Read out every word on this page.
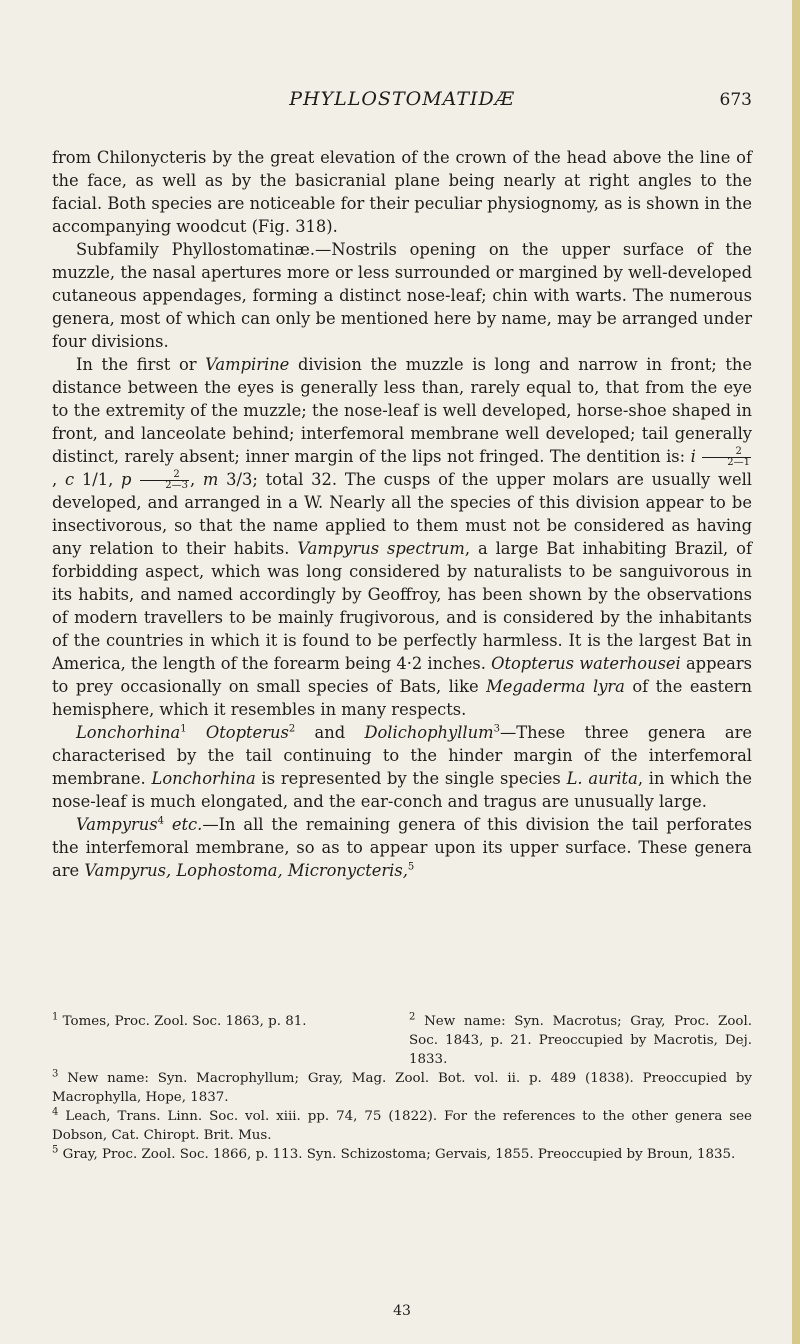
PHYLLOSTOMATIDÆ	673

from Chilonycteris by the great elevation of the crown of the head above the line of the face, as well as by the basicranial plane being nearly at right angles to the facial. Both species are noticeable for their peculiar physiognomy, as is shown in the accompanying woodcut (Fig. 318).

Subfamily Phyllostomatinæ.—Nostrils opening on the upper surface of the muzzle, the nasal apertures more or less surrounded or margined by well-developed cutaneous appendages, forming a distinct nose-leaf; chin with warts. The numerous genera, most of which can only be mentioned here by name, may be arranged under four divisions.

In the first or Vampirine division the muzzle is long and narrow in front; the distance between the eyes is generally less than, rarely equal to, that from the eye to the extremity of the muzzle; the nose-leaf is well developed, horse-shoe shaped in front, and lanceolate behind; interfemoral membrane well developed; tail generally distinct, rarely absent; inner margin of the lips not fringed. The dentition is: i $\frac{2}{2—1}$
, c 1/1, p $\frac{2}{2—3}$ , m 3/3; total 32. The cusps of the upper molars are usually well developed, and arranged in a W. Nearly all the species of this division appear to be insectivorous, so that the name applied to them must not be considered as having any relation to their habits. Vampyrus spectrum, a large Bat inhabiting Brazil, of forbidding aspect, which was long considered by naturalists to be sanguivorous in its habits, and named accordingly by Geoffroy, has been shown by the observations of modern travellers to be mainly frugivorous, and is considered by the inhabitants of the countries in which it is found to be perfectly harmless. It is the largest Bat in America, the length of the forearm being 4·2 inches. Otopterus waterhousei appears to prey occasionally on small species of Bats, like Megaderma lyra of the eastern hemisphere, which it resembles in many respects.

Lonchorhina$^1$ Otopterus$^2$ and Dolichophyllum$^3$—These three genera are characterised by the tail continuing to the hinder margin of the interfemoral membrane. Lonchorhina is represented by the single species L. aurita, in which the nose-leaf is much elongated, and the ear-conch and tragus are unusually large.

Vampyrus$^4$ etc.—In all the remaining genera of this division the tail perforates the interfemoral membrane, so as to appear upon its upper surface. These genera are Vampyrus, Lophostoma, Micronycteris,$^5$

$^1$ Tomes, Proc. Zool. Soc. 1863, p. 81.	$^2$ New name: Syn. Macrotus; Gray, Proc. Zool. Soc. 1843, p. 21. Preoccupied by Macrotis, Dej. 1833.
$^3$ New name: Syn. Macrophyllum; Gray, Mag. Zool. Bot. vol. ii. p. 489 (1838). Preoccupied by Macrophylla, Hope, 1837.
$^4$ Leach, Trans. Linn. Soc. vol. xiii. pp. 74, 75 (1822). For the references to the other genera see Dobson, Cat. Chiropt. Brit. Mus.
$^5$ Gray, Proc. Zool. Soc. 1866, p. 113. Syn. Schizostoma; Gervais, 1855. Preoccupied by Broun, 1835.
43
